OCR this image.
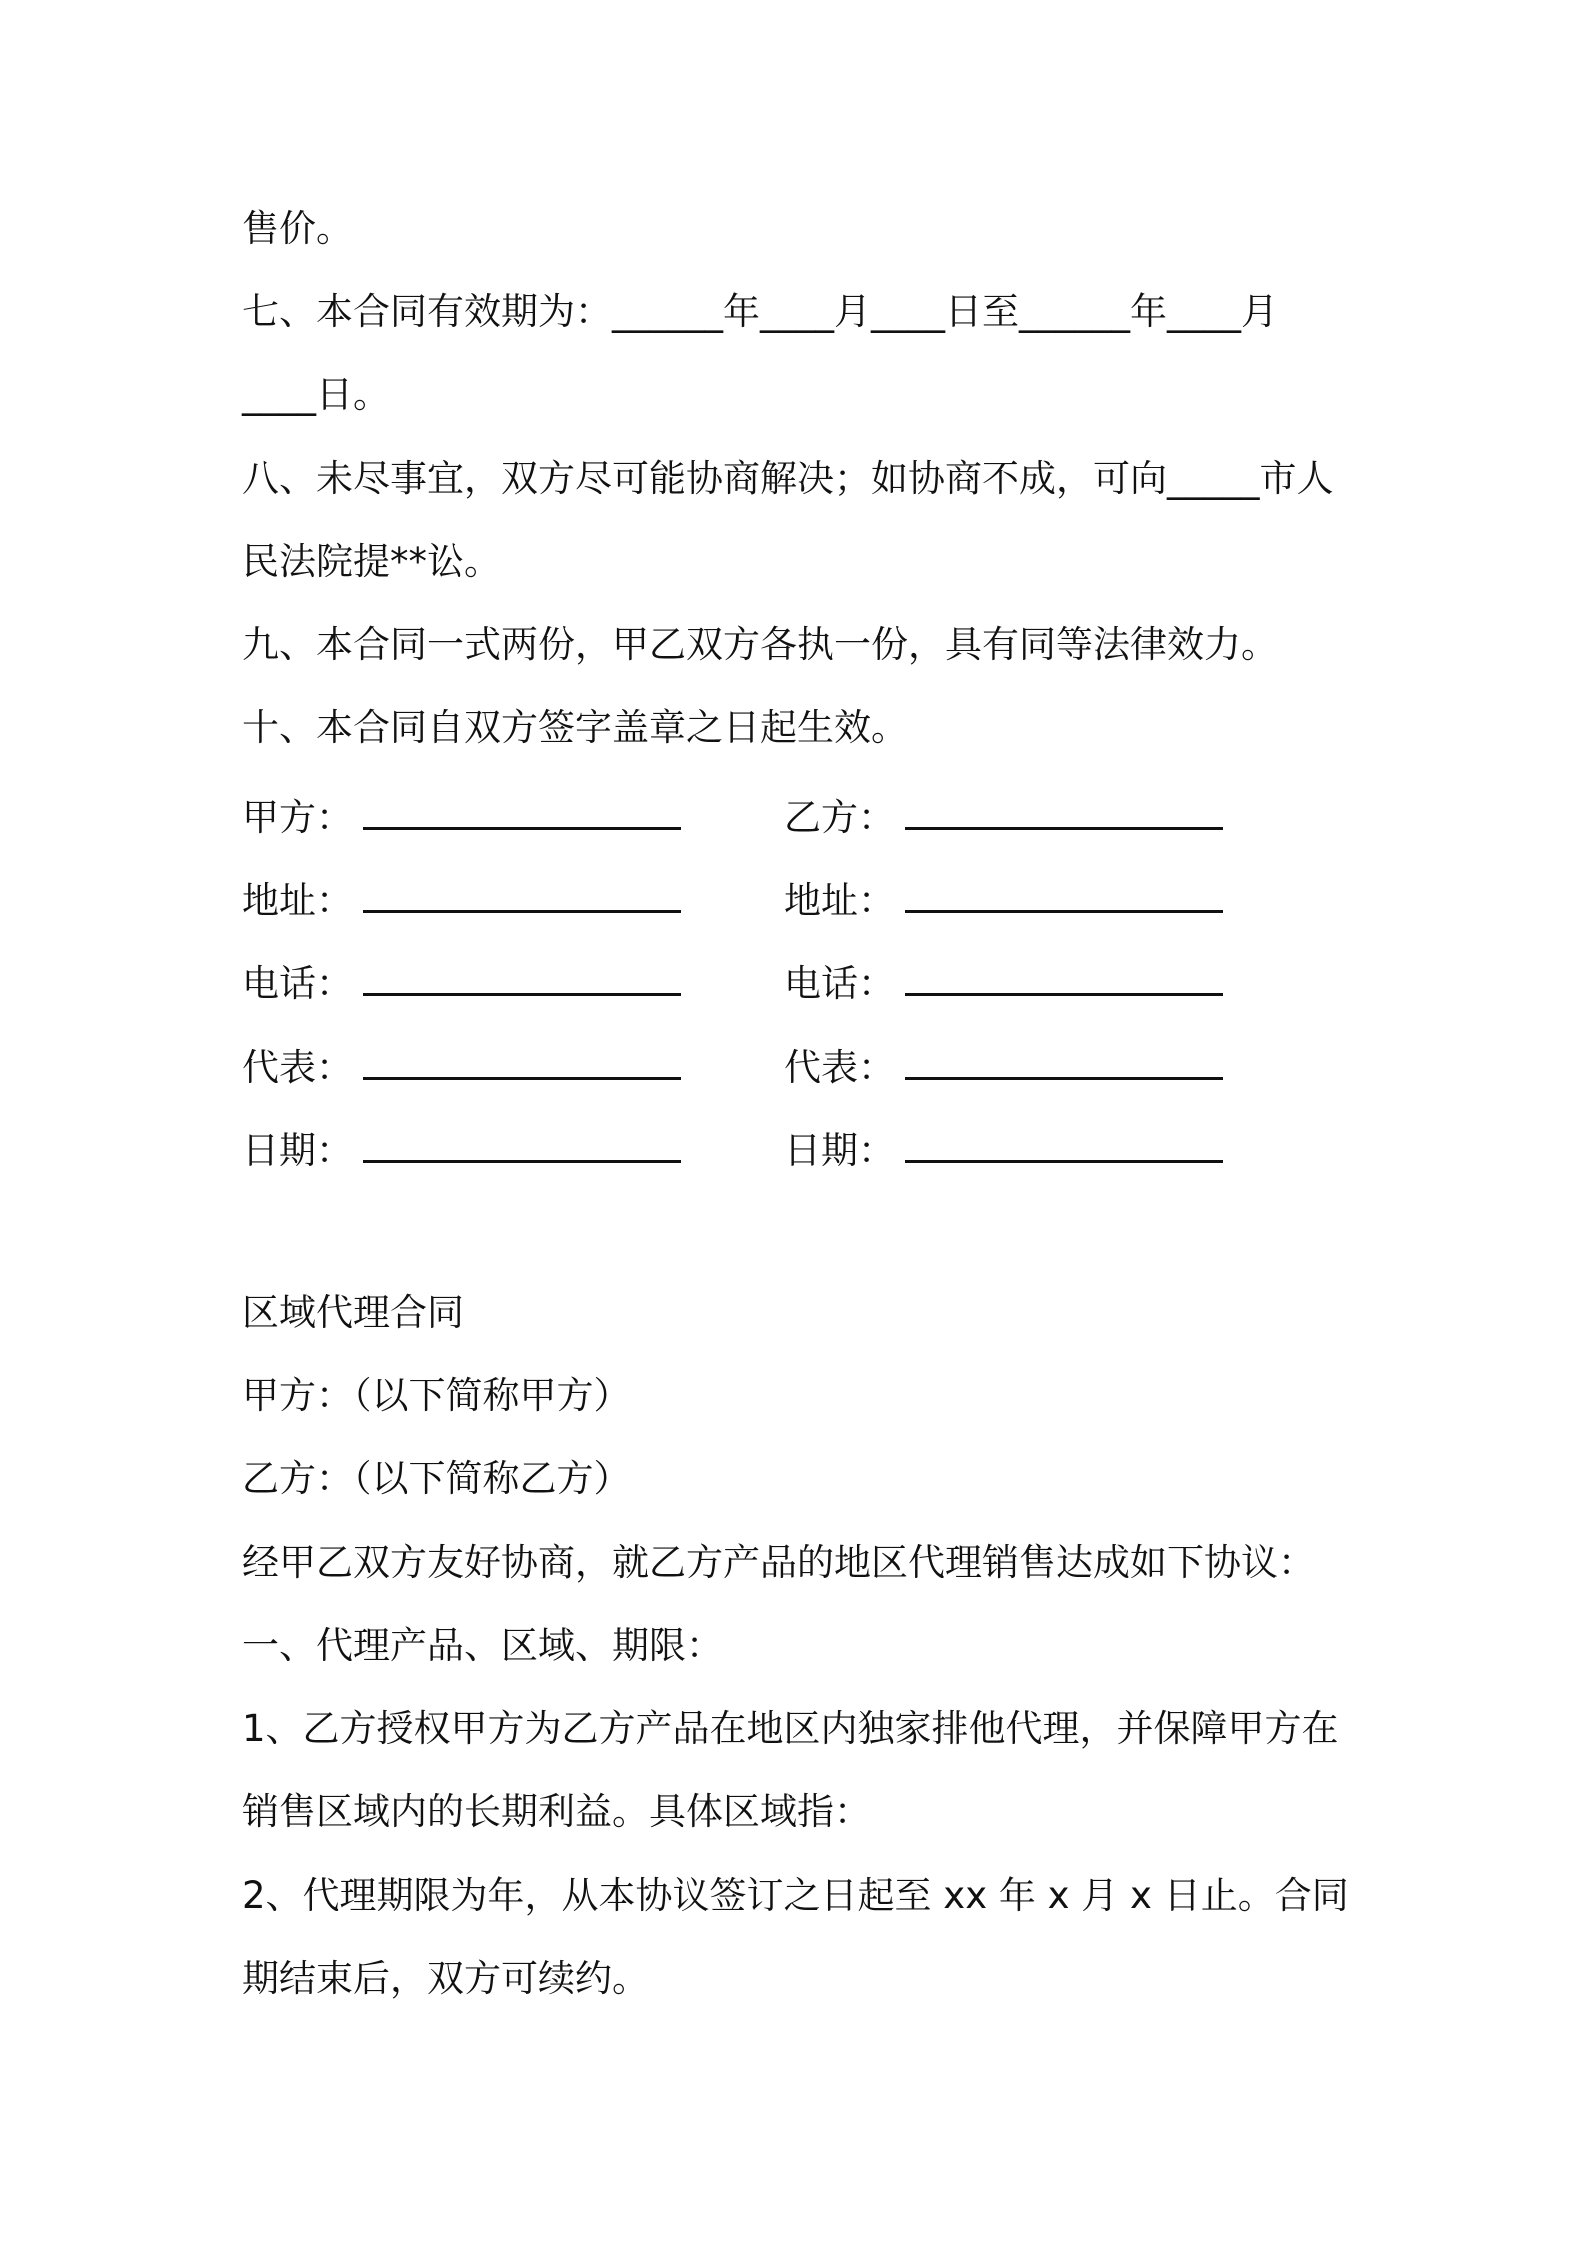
售价。
七、本合同有效期为：______年____月____日至______年____月
____日。
八、未尽事宜，双方尽可能协商解决；如协商不成，可向_____市人
民法院提**讼。
九、本合同一式两份，甲乙双方各执一份，具有同等法律效力。
十、本合同自双方签字盖章之日起生效。
甲方：	乙方：
地址：	地址：
电话：	电话：
代表：	代表：
日期：	日期：
区域代理合同
甲方：（以下简称甲方）
乙方：（以下简称乙方）
经甲乙双方友好协商，就乙方产品的地区代理销售达成如下协议：
一、代理产品、区域、期限：
1、乙方授权甲方为乙方产品在地区内独家排他代理，并保障甲方在
销售区域内的长期利益。具体区域指：
2、代理期限为年，从本协议签订之日起至 xx 年 x 月 x 日止。合同
期结束后，双方可续约。
